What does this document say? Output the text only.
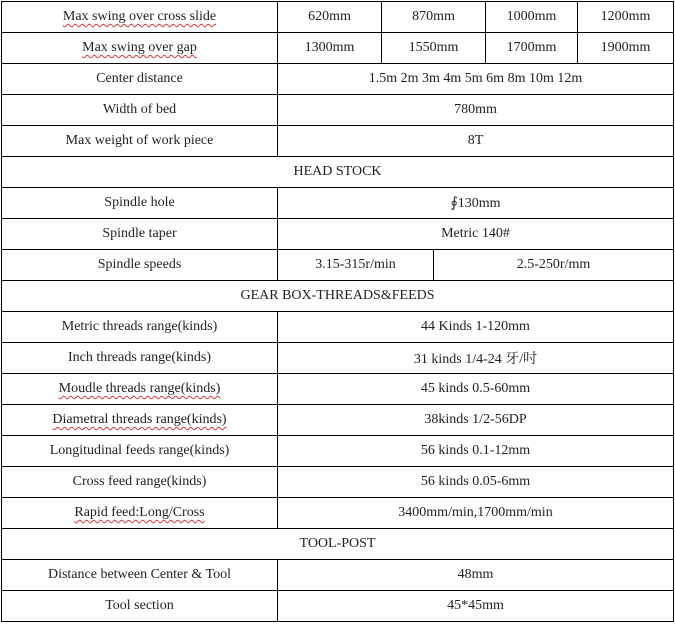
Max swing over cross slide	620mm	870mm		1000mm	1200mm
Max swing over gap	1300mm	1550mm		1700mm	1900mm
Center distance	1.5m 2m 3m 4m 5m 6m 8m 10m 12m				
Width of bed	780mm				
Max weight of work piece	8T				
HEAD STOCK					
Spindle hole	∮130mm				
Spindle taper	Metric 140#				
Spindle speeds	3.15-315r/min		2.5-250r/mm		
GEAR BOX-THREADS&FEEDS					
Metric threads range(kinds)	44 Kinds 1-120mm				
Inch threads range(kinds)	31 kinds 1/4-24 牙/吋				
Moudle threads range(kinds)	45 kinds 0.5-60mm				
Diametral threads range(kinds)	38kinds 1/2-56DP				
Longitudinal feeds range(kinds)	56 kinds 0.1-12mm				
Cross feed range(kinds)	56 kinds 0.05-6mm				
Rapid feed:Long/Cross	3400mm/min,1700mm/min				
TOOL-POST					
Distance between Center & Tool	48mm				
Tool section	45*45mm				
